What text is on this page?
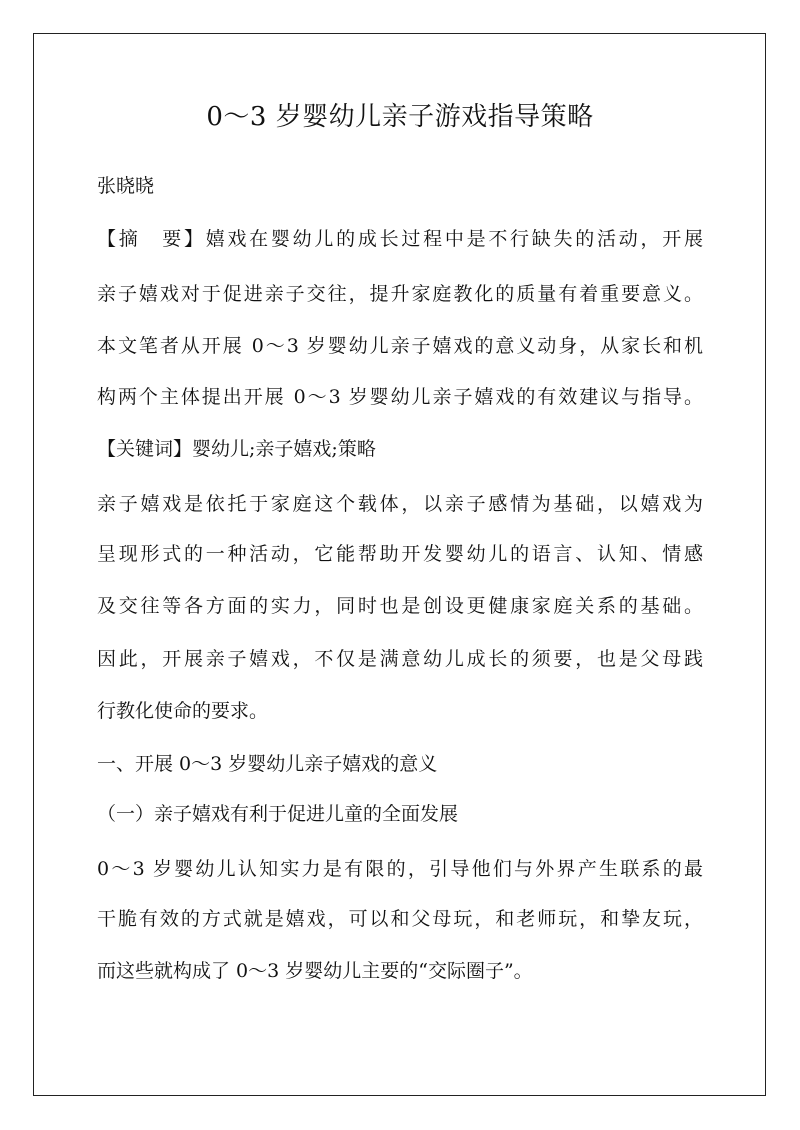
0～3 岁婴幼儿亲子游戏指导策略
张晓晓
【摘　要】嬉戏在婴幼儿的成长过程中是不行缺失的活动，开展
亲子嬉戏对于促进亲子交往，提升家庭教化的质量有着重要意义。
本文笔者从开展 0～3 岁婴幼儿亲子嬉戏的意义动身，从家长和机
构两个主体提出开展 0～3 岁婴幼儿亲子嬉戏的有效建议与指导。
【关键词】婴幼儿;亲子嬉戏;策略
亲子嬉戏是依托于家庭这个载体，以亲子感情为基础，以嬉戏为
呈现形式的一种活动，它能帮助开发婴幼儿的语言、认知、情感
及交往等各方面的实力，同时也是创设更健康家庭关系的基础。
因此，开展亲子嬉戏，不仅是满意幼儿成长的须要，也是父母践
行教化使命的要求。
一、开展 0～3 岁婴幼儿亲子嬉戏的意义
（一）亲子嬉戏有利于促进儿童的全面发展
0～3 岁婴幼儿认知实力是有限的，引导他们与外界产生联系的最
干脆有效的方式就是嬉戏，可以和父母玩，和老师玩，和挚友玩，
而这些就构成了 0～3 岁婴幼儿主要的“交际圈子”。
